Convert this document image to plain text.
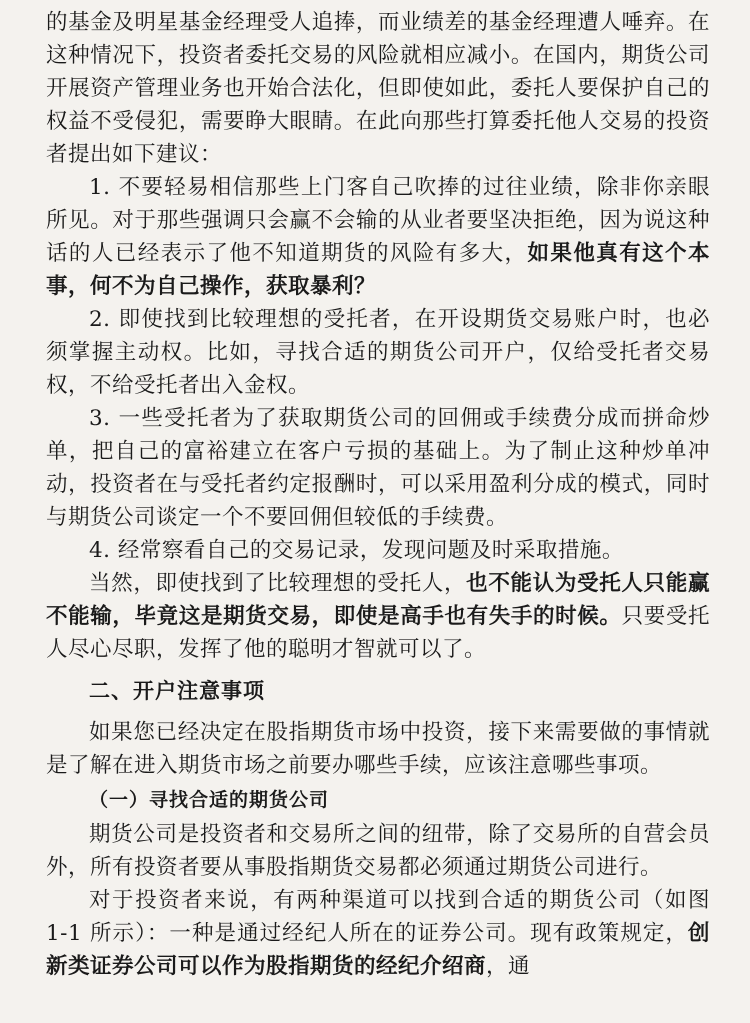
的基金及明星基金经理受人追捧，而业绩差的基金经理遭人唾弃。在这种情况下，投资者委托交易的风险就相应减小。在国内，期货公司开展资产管理业务也开始合法化，但即使如此，委托人要保护自己的权益不受侵犯，需要睁大眼睛。在此向那些打算委托他人交易的投资者提出如下建议：

1. 不要轻易相信那些上门客自己吹捧的过往业绩，除非你亲眼所见。对于那些强调只会赢不会输的从业者要坚决拒绝，因为说这种话的人已经表示了他不知道期货的风险有多大，如果他真有这个本事，何不为自己操作，获取暴利？

2. 即使找到比较理想的受托者，在开设期货交易账户时，也必须掌握主动权。比如，寻找合适的期货公司开户，仅给受托者交易权，不给受托者出入金权。

3. 一些受托者为了获取期货公司的回佣或手续费分成而拼命炒单，把自己的富裕建立在客户亏损的基础上。为了制止这种炒单冲动，投资者在与受托者约定报酬时，可以采用盈利分成的模式，同时与期货公司谈定一个不要回佣但较低的手续费。

4. 经常察看自己的交易记录，发现问题及时采取措施。

当然，即使找到了比较理想的受托人，也不能认为受托人只能赢不能输，毕竟这是期货交易，即使是高手也有失手的时候。只要受托人尽心尽职，发挥了他的聪明才智就可以了。

二、开户注意事项

如果您已经决定在股指期货市场中投资，接下来需要做的事情就是了解在进入期货市场之前要办哪些手续，应该注意哪些事项。

（一）寻找合适的期货公司

期货公司是投资者和交易所之间的纽带，除了交易所的自营会员外，所有投资者要从事股指期货交易都必须通过期货公司进行。

对于投资者来说，有两种渠道可以找到合适的期货公司（如图 1-1 所示）：一种是通过经纪人所在的证券公司。现有政策规定，创新类证券公司可以作为股指期货的经纪介绍商，通
